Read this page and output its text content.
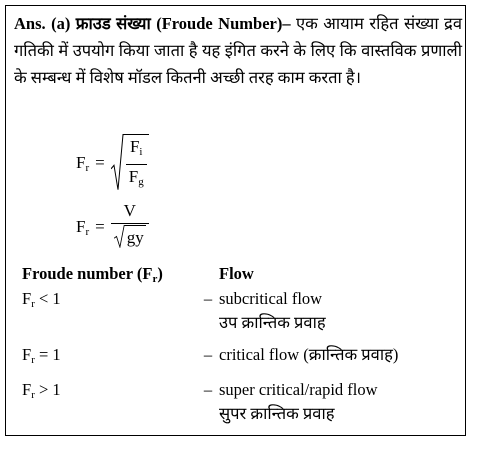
Ans. (a) फ्राउड संख्या (Froude Number)– एक आयाम रहित संख्या द्रव गतिकी में उपयोग किया जाता है यह इंगित करने के लिए कि वास्तविक प्रणाली के सम्बन्ध में विशेष मॉडल कितनी अच्छी तरह काम करता है।
$F_r = \frac{F_i}{F_g}$
$F_r = \frac{V}{gy}$
Froude number $(F_r)$	Flow
$F_r < 1$	– subcritical flow
उप क्रान्तिक प्रवाह
$F_r = 1$	– critical flow (क्रान्तिक प्रवाह)
$F_r > 1$	– super critical/rapid flow
सुपर क्रान्तिक प्रवाह
